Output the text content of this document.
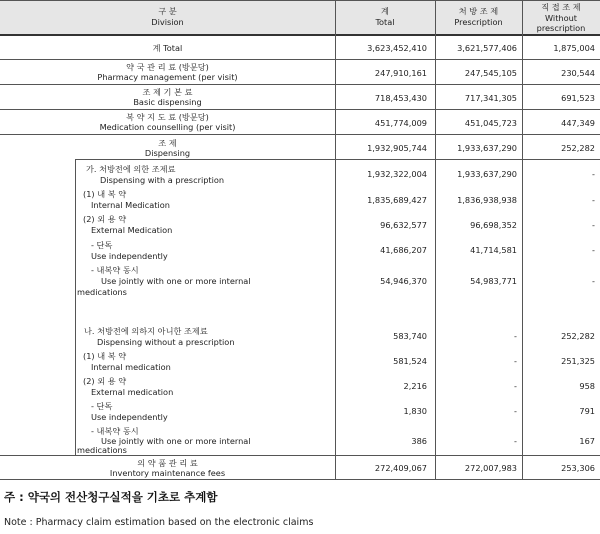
구 분
Division
계
Total
처 방 조 제
Prescription
직 접 조 제
Without
prescription
계 Total	3,623,452,410	3,621,577,406	1,875,004
약 국 관 리 료 (방문당)
Pharmacy management (per visit)	247,910,161	247,545,105	230,544
조 제 기 본 료
Basic dispensing	718,453,430	717,341,305	691,523
복 약 지 도 료 (방문당)
Medication counselling (per visit)	451,774,009	451,045,723	447,349
조 제
Dispensing	1,932,905,744	1,933,637,290	252,282
가. 처방전에 의한 조제료
Dispensing with a prescription
1,932,322,004	1,933,637,290	-
(1) 내 복 약
Internal Medication	1,835,689,427	1,836,938,938	-
(2) 외 용 약
External Medication	96,632,577	96,698,352	-
- 단독
Use independently
41,686,207	41,714,581	-
- 내복약 동시
Use jointly with one or more internal
medications
54,946,370	54,983,771	-
나. 처방전에 의하지 아니한 조제료
Dispensing without a prescription
583,740	-	252,282
(1) 내 복 약
Internal medication
581,524	-	251,325
(2) 외 용 약
External medication
2,216	-	958
- 단독
Use independently
1,830	-	791
- 내복약 동시
Use jointly with one or more internal
medications
386	-	167
의 약 품 관 리 료
Inventory maintenance fees	272,409,067	272,007,983	253,306
주 : 약국의 전산청구실적을 기초로 추계함
Note : Pharmacy claim estimation based on the electronic claims
